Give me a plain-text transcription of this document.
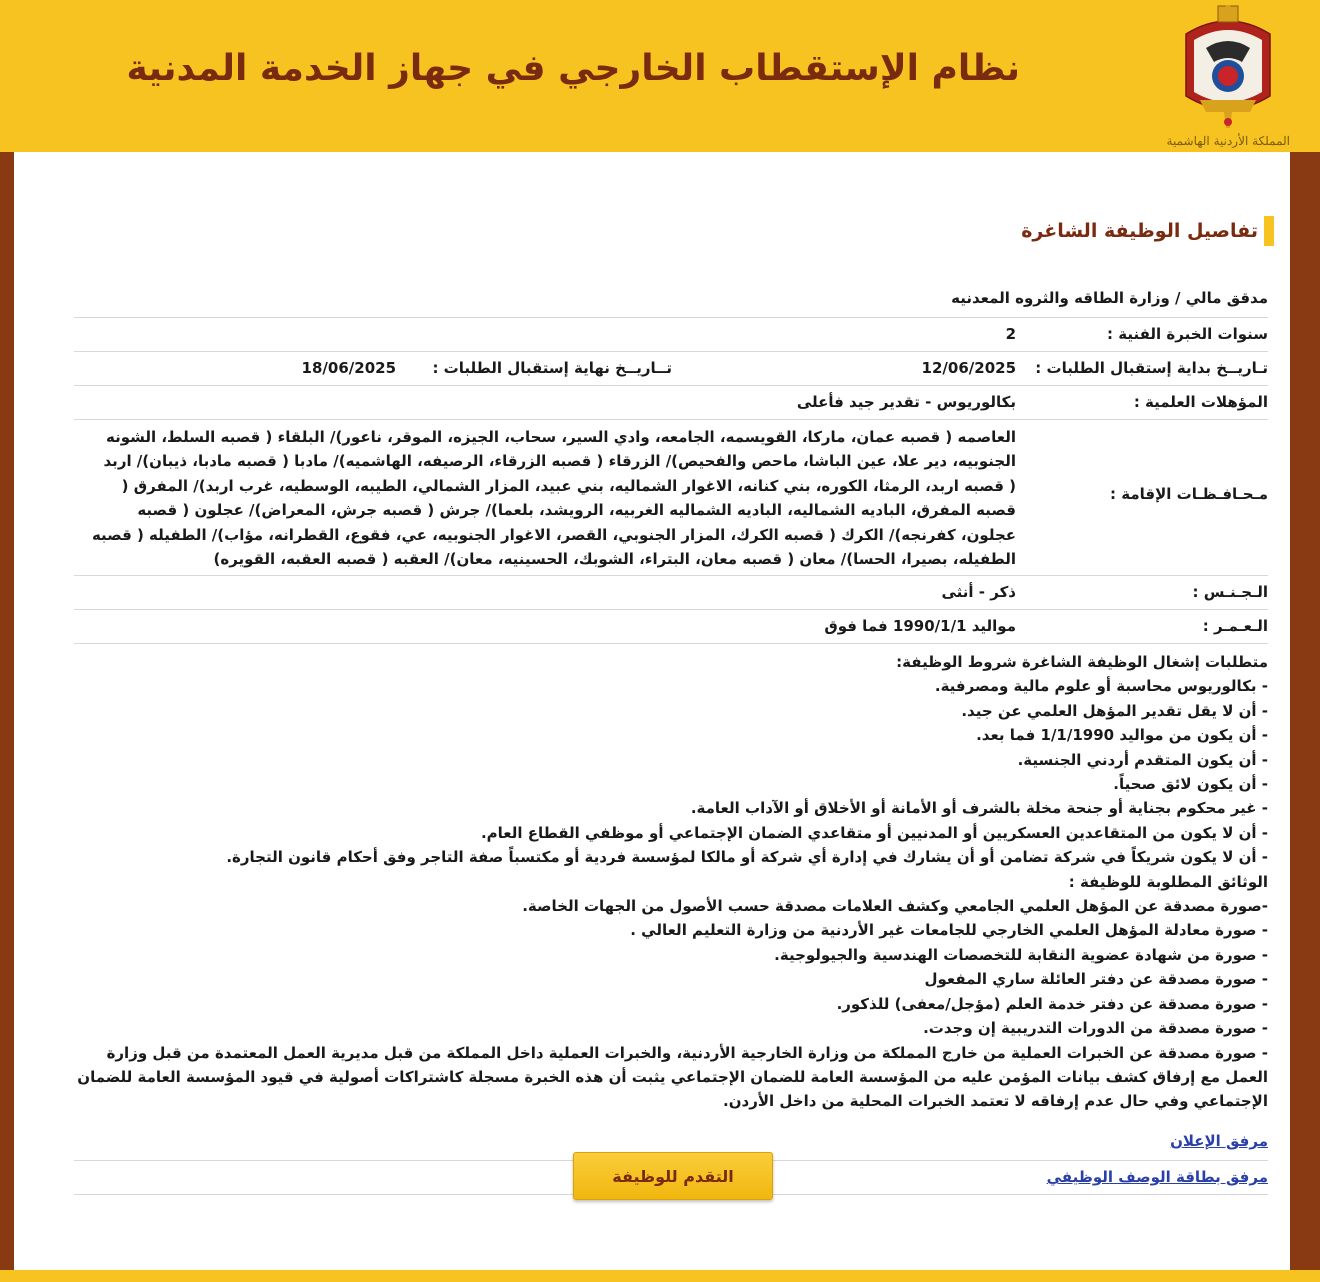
نظام الإستقطاب الخارجي في جهاز الخدمة المدنية
المملكة الأردنية الهاشمية
تفاصيل الوظيفة الشاغرة
مدقق مالي / وزارة الطاقه والثروه المعدنيه
سنوات الخبرة الفنية :
2
تـاريــخ بداية إستقبال الطلبات :
12/06/2025
تــاريــخ نهاية إستقبال الطلبات :
18/06/2025
المؤهلات العلمية :
بكالوريوس - تقدير جيد فأعلى
مـحـافـظـات الإقامة :
العاصمه ( قصبه عمان، ماركا، القويسمه، الجامعه، وادي السير، سحاب، الجيزه، الموقر، ناعور)/ البلقاء ( قصبه السلط، الشونه
الجنوبيه، دير علا، عين الباشا، ماحص والفحيص)/ الزرقاء ( قصبه الزرقاء، الرصيفه، الهاشميه)/ مادبا ( قصبه مادبا، ذيبان)/ اربد
( قصبه اربد، الرمثا، الكوره، بني كنانه، الاغوار الشماليه، بني عبيد، المزار الشمالي، الطيبه، الوسطيه، غرب اربد)/ المفرق (
قصبه المفرق، الباديه الشماليه، الباديه الشماليه الغربيه، الرويشد، بلعما)/ جرش ( قصبه جرش، المعراض)/ عجلون ( قصبه
عجلون، كفرنجه)/ الكرك ( قصبه الكرك، المزار الجنوبي، القصر، الاغوار الجنوبيه، عي، فقوع، القطرانه، مؤاب)/ الطفيله ( قصبه
الطفيله، بصيرا، الحسا)/ معان ( قصبه معان، البتراء، الشوبك، الحسينيه، معان)/ العقبه ( قصبه العقبه، القويره)
الـجـنـس :
ذكر - أنثى
الـعـمـر :
مواليد 1990/1/1 فما فوق
متطلبات إشغال الوظيفة الشاغرة شروط الوظيفة:
- بكالوريوس محاسبة أو علوم مالية ومصرفية.
- أن لا يقل تقدير المؤهل العلمي عن جيد.
- أن يكون من مواليد 1/1/1990 فما بعد.
- أن يكون المتقدم أردني الجنسية.
- أن يكون لائق صحياً.
- غير محكوم بجناية أو جنحة مخلة بالشرف أو الأمانة أو الأخلاق أو الآداب العامة.
- أن لا يكون من المتقاعدين العسكريين أو المدنيين أو متقاعدي الضمان الإجتماعي أو موظفي القطاع العام.
- أن لا يكون شريكاً في شركة تضامن أو أن يشارك في إدارة أي شركة أو مالكا لمؤسسة فردية أو مكتسباً صفة التاجر وفق أحكام قانون التجارة.
الوثائق المطلوبة للوظيفة :
-صورة مصدقة عن المؤهل العلمي الجامعي وكشف العلامات مصدقة حسب الأصول من الجهات الخاصة.
- صورة معادلة المؤهل العلمي الخارجي للجامعات غير الأردنية من وزارة التعليم العالي .
- صورة من شهادة عضوية النقابة للتخصصات الهندسية والجيولوجية.
- صورة مصدقة عن دفتر العائلة ساري المفعول
- صورة مصدقة عن دفتر خدمة العلم (مؤجل/معفى) للذكور.
- صورة مصدقة من الدورات التدريبية إن وجدت.
- صورة مصدقة عن الخبرات العملية من خارج المملكة من وزارة الخارجية الأردنية، والخبرات العملية داخل المملكة من قبل مديرية العمل المعتمدة من قبل وزارة العمل مع إرفاق كشف بيانات المؤمن عليه من المؤسسة العامة للضمان الإجتماعي يثبت أن هذه الخبرة مسجلة كاشتراكات أصولية في قيود المؤسسة العامة للضمان الإجتماعي وفي حال عدم إرفاقه لا تعتمد الخبرات المحلية من داخل الأردن.
مرفق الإعلان
مرفق بطاقة الوصف الوظيفي
التقدم للوظيفة
